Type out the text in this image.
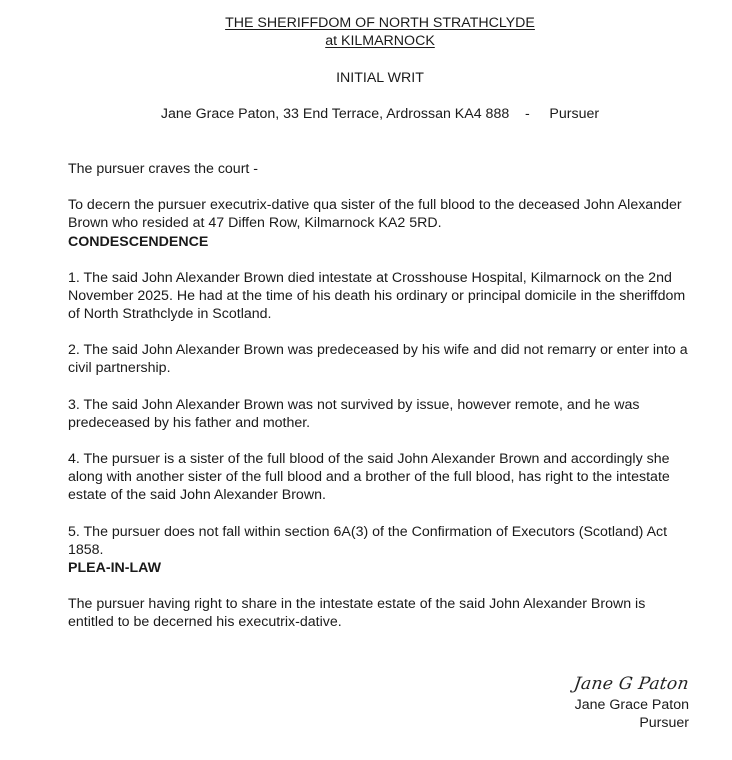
THE SHERIFFDOM OF NORTH STRATHCLYDE
at KILMARNOCK
INITIAL WRIT
Jane Grace Paton, 33 End Terrace, Ardrossan KA4 888    -     Pursuer

The pursuer craves the court -

To decern the pursuer executrix-dative qua sister of the full blood to the deceased John Alexander Brown who resided at 47 Diffen Row, Kilmarnock KA2 5RD.

CONDESCENDENCE

1. The said John Alexander Brown died intestate at Crosshouse Hospital, Kilmarnock on the 2nd November 2025. He had at the time of his death his ordinary or principal domicile in the sheriffdom of North Strathclyde in Scotland.

2. The said John Alexander Brown was predeceased by his wife and did not remarry or enter into a civil partnership.

3. The said John Alexander Brown was not survived by issue, however remote, and he was predeceased by his father and mother.

4. The pursuer is a sister of the full blood of the said John Alexander Brown and accordingly she along with another sister of the full blood and a brother of the full blood, has right to the intestate estate of the said John Alexander Brown.

5. The pursuer does not fall within section 6A(3) of the Confirmation of Executors (Scotland) Act 1858.

PLEA-IN-LAW

The pursuer having right to share in the intestate estate of the said John Alexander Brown is entitled to be decerned his executrix-dative.

Jane G Paton
Jane Grace Paton
Pursuer
